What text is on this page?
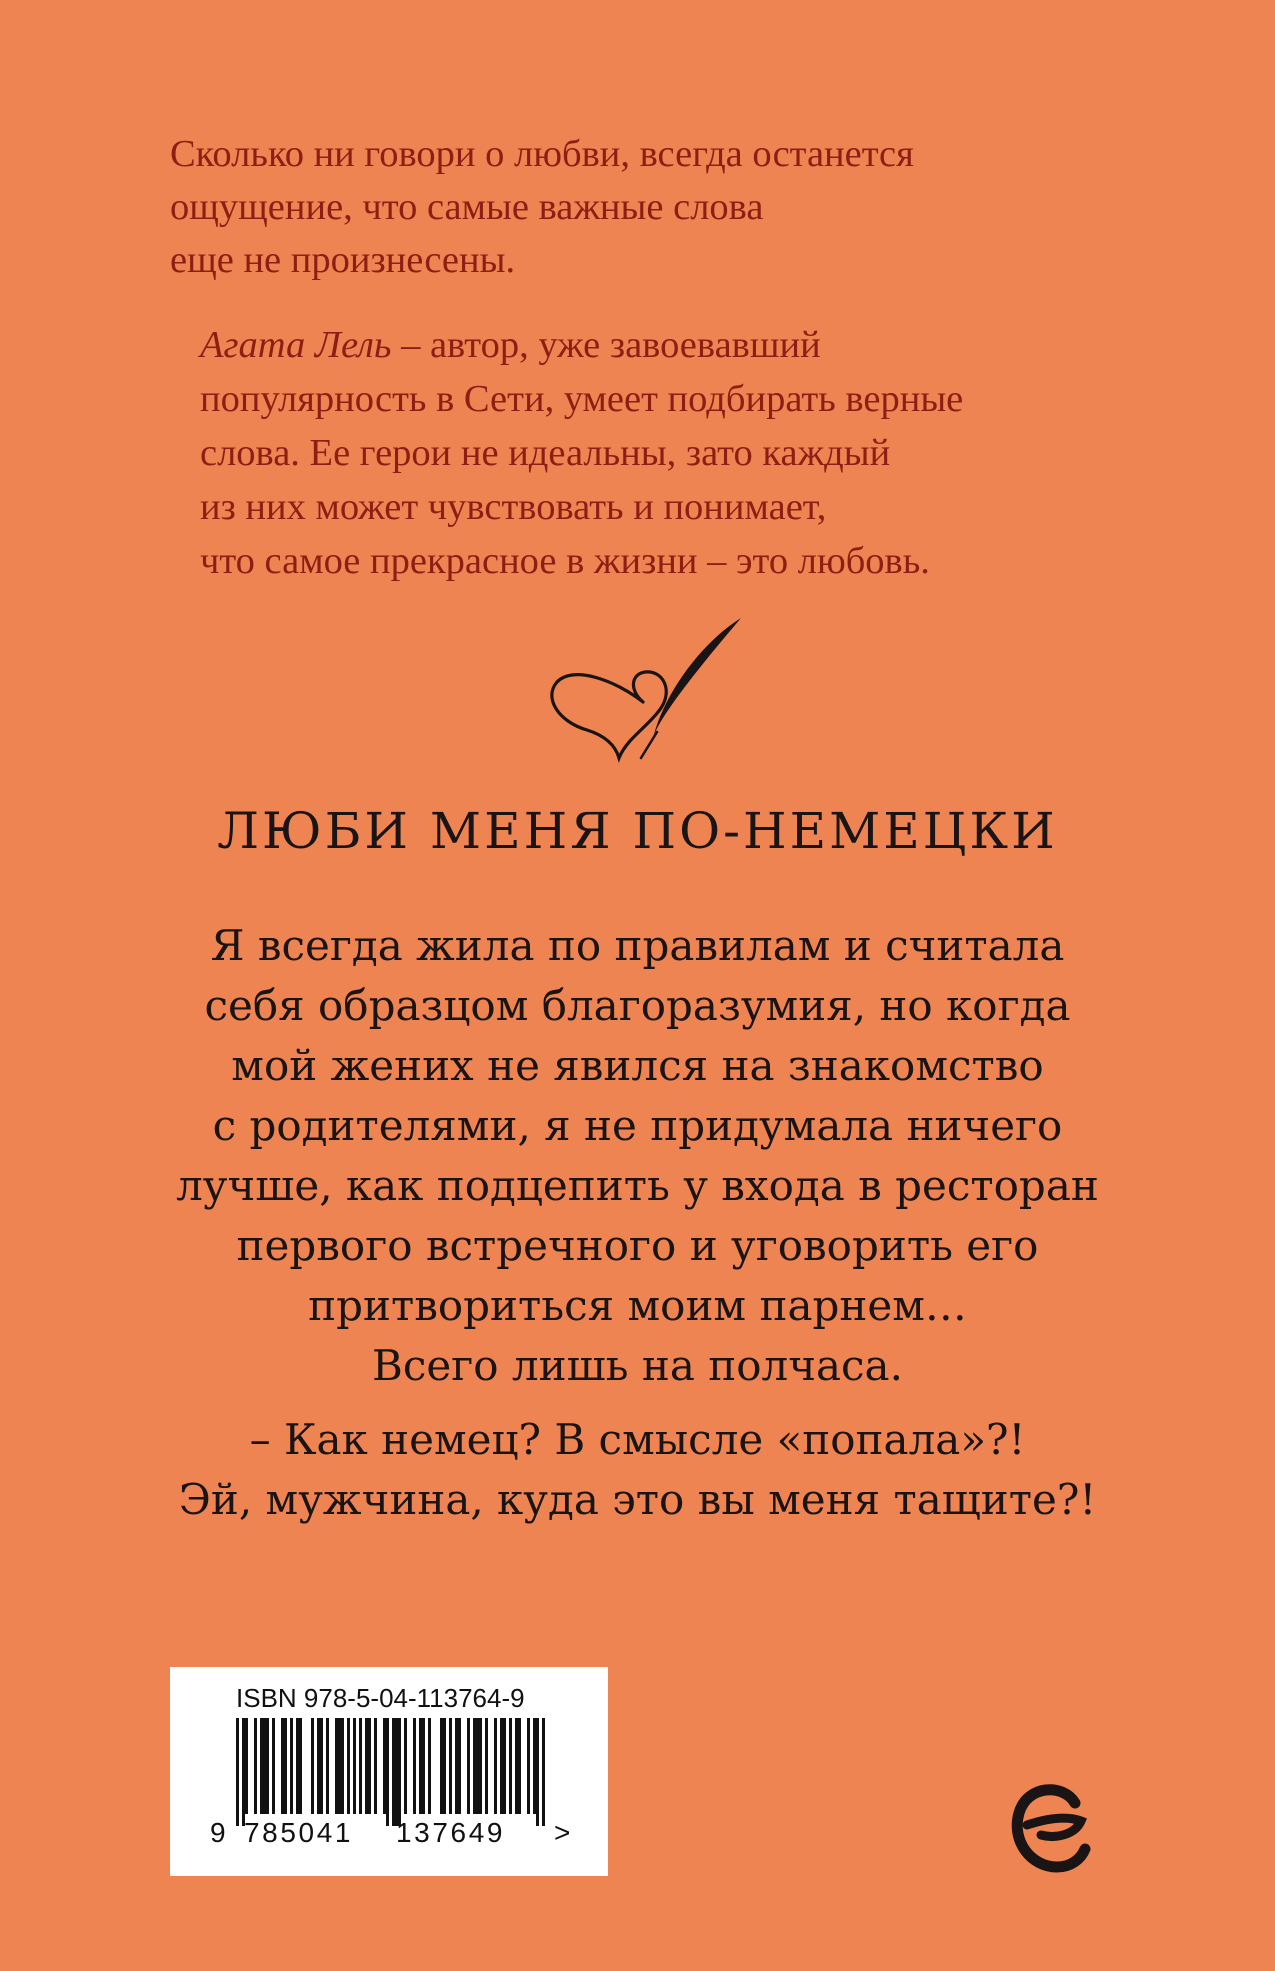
Сколько ни говори о любви, всегда останется
ощущение, что самые важные слова
еще не произнесены.
Агата Лель – автор, уже завоевавший
популярность в Сети, умеет подбирать верные
слова. Ее герои не идеальны, зато каждый
из них может чувствовать и понимает,
что самое прекрасное в жизни – это любовь.
ЛЮБИ МЕНЯ ПО-НЕМЕЦКИ
Я всегда жила по правилам и считала
себя образцом благоразумия, но когда
мой жених не явился на знакомство
с родителями, я не придумала ничего
лучше, как подцепить у входа в ресторан
первого встречного и уговорить его
притвориться моим парнем…
Всего лишь на полчаса.
– Как немец? В смысле «попала»?!
Эй, мужчина, куда это вы меня тащите?!
ISBN 978-5-04-113764-9
9 785041 137649 >
